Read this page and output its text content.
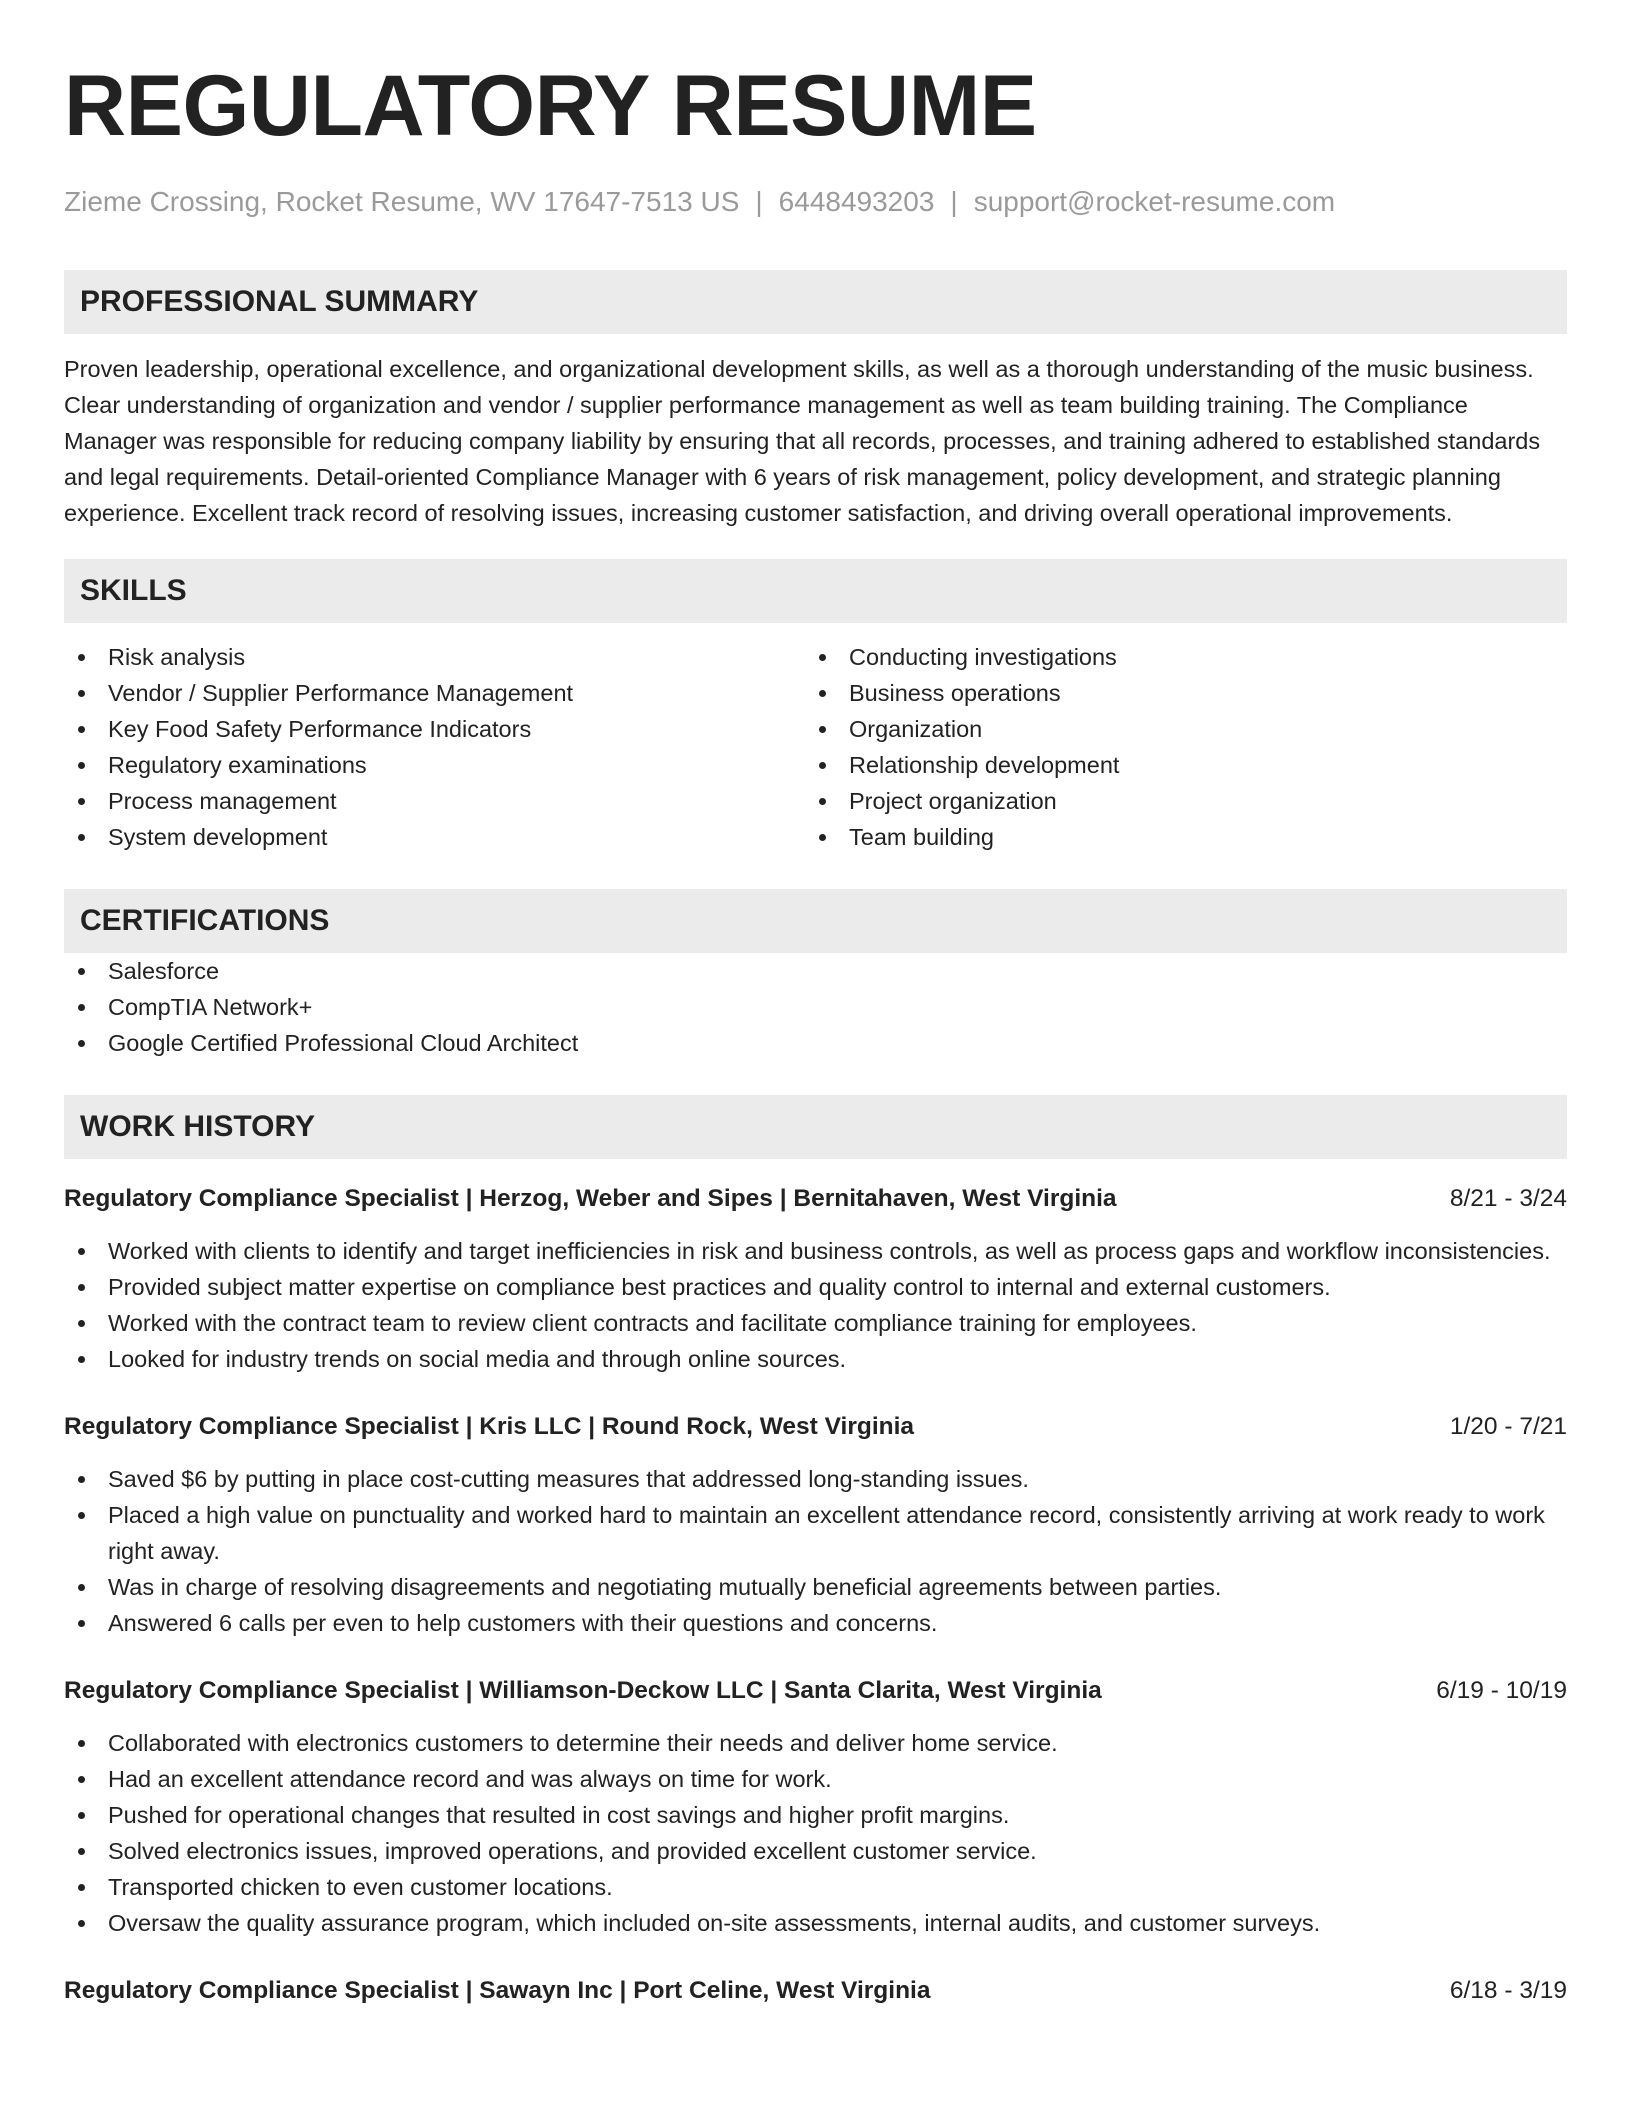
REGULATORY RESUME
Zieme Crossing, Rocket Resume, WV 17647-7513 US | 6448493203 | support@rocket-resume.com
PROFESSIONAL SUMMARY
Proven leadership, operational excellence, and organizational development skills, as well as a thorough understanding of the music business. Clear understanding of organization and vendor / supplier performance management as well as team building training. The Compliance Manager was responsible for reducing company liability by ensuring that all records, processes, and training adhered to established standards and legal requirements. Detail-oriented Compliance Manager with 6 years of risk management, policy development, and strategic planning experience. Excellent track record of resolving issues, increasing customer satisfaction, and driving overall operational improvements.
SKILLS
Risk analysis
Vendor / Supplier Performance Management
Key Food Safety Performance Indicators
Regulatory examinations
Process management
System development
Conducting investigations
Business operations
Organization
Relationship development
Project organization
Team building
CERTIFICATIONS
Salesforce
CompTIA Network+
Google Certified Professional Cloud Architect
WORK HISTORY
Regulatory Compliance Specialist | Herzog, Weber and Sipes | Bernitahaven, West Virginia	8/21 - 3/24
Worked with clients to identify and target inefficiencies in risk and business controls, as well as process gaps and workflow inconsistencies.
Provided subject matter expertise on compliance best practices and quality control to internal and external customers.
Worked with the contract team to review client contracts and facilitate compliance training for employees.
Looked for industry trends on social media and through online sources.
Regulatory Compliance Specialist | Kris LLC | Round Rock, West Virginia	1/20 - 7/21
Saved $6 by putting in place cost-cutting measures that addressed long-standing issues.
Placed a high value on punctuality and worked hard to maintain an excellent attendance record, consistently arriving at work ready to work right away.
Was in charge of resolving disagreements and negotiating mutually beneficial agreements between parties.
Answered 6 calls per even to help customers with their questions and concerns.
Regulatory Compliance Specialist | Williamson-Deckow LLC | Santa Clarita, West Virginia	6/19 - 10/19
Collaborated with electronics customers to determine their needs and deliver home service.
Had an excellent attendance record and was always on time for work.
Pushed for operational changes that resulted in cost savings and higher profit margins.
Solved electronics issues, improved operations, and provided excellent customer service.
Transported chicken to even customer locations.
Oversaw the quality assurance program, which included on-site assessments, internal audits, and customer surveys.
Regulatory Compliance Specialist | Sawayn Inc | Port Celine, West Virginia	6/18 - 3/19
